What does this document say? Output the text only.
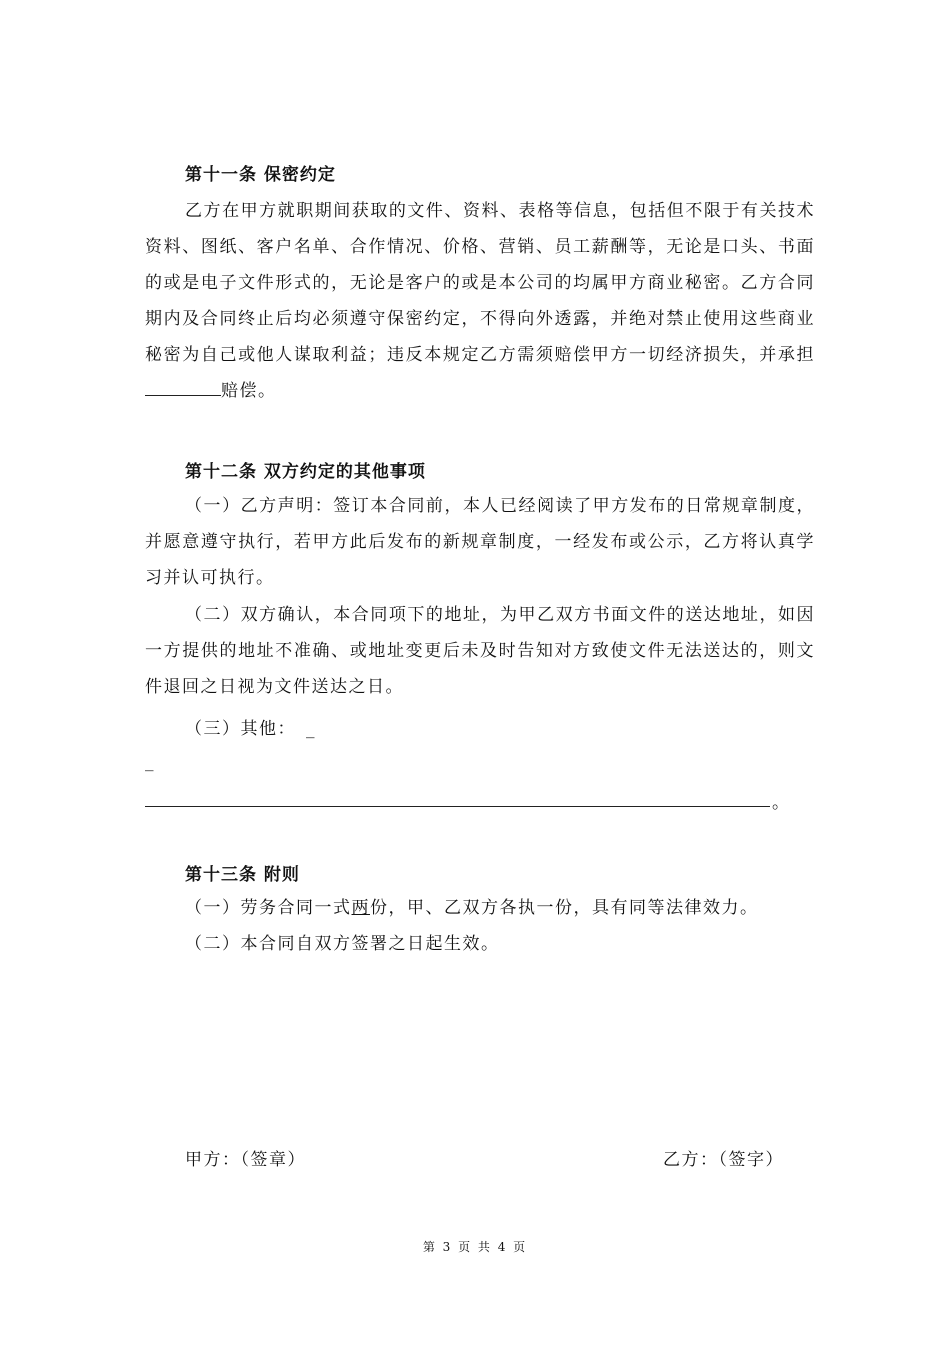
第十一条 保密约定
乙方在甲方就职期间获取的文件、资料、表格等信息，包括但不限于有关技术资料、图纸、客户名单、合作情况、价格、营销、员工薪酬等，无论是口头、书面的或是电子文件形式的，无论是客户的或是本公司的均属甲方商业秘密。乙方合同期内及合同终止后均必须遵守保密约定，不得向外透露，并绝对禁止使用这些商业秘密为自己或他人谋取利益；违反本规定乙方需须赔偿甲方一切经济损失，并承担赔偿。
第十二条 双方约定的其他事项
（一）乙方声明：签订本合同前，本人已经阅读了甲方发布的日常规章制度，并愿意遵守执行，若甲方此后发布的新规章制度，一经发布或公示，乙方将认真学习并认可执行。
（二）双方确认，本合同项下的地址，为甲乙双方书面文件的送达地址，如因一方提供的地址不准确、或地址变更后未及时告知对方致使文件无法送达的，则文件退回之日视为文件送达之日。
（三）其他： _
_
。
第十三条 附则
（一）劳务合同一式两份，甲、乙双方各执一份，具有同等法律效力。
（二）本合同自双方签署之日起生效。
甲方：（签章）	乙方：（签字）
第 3 页 共 4 页
